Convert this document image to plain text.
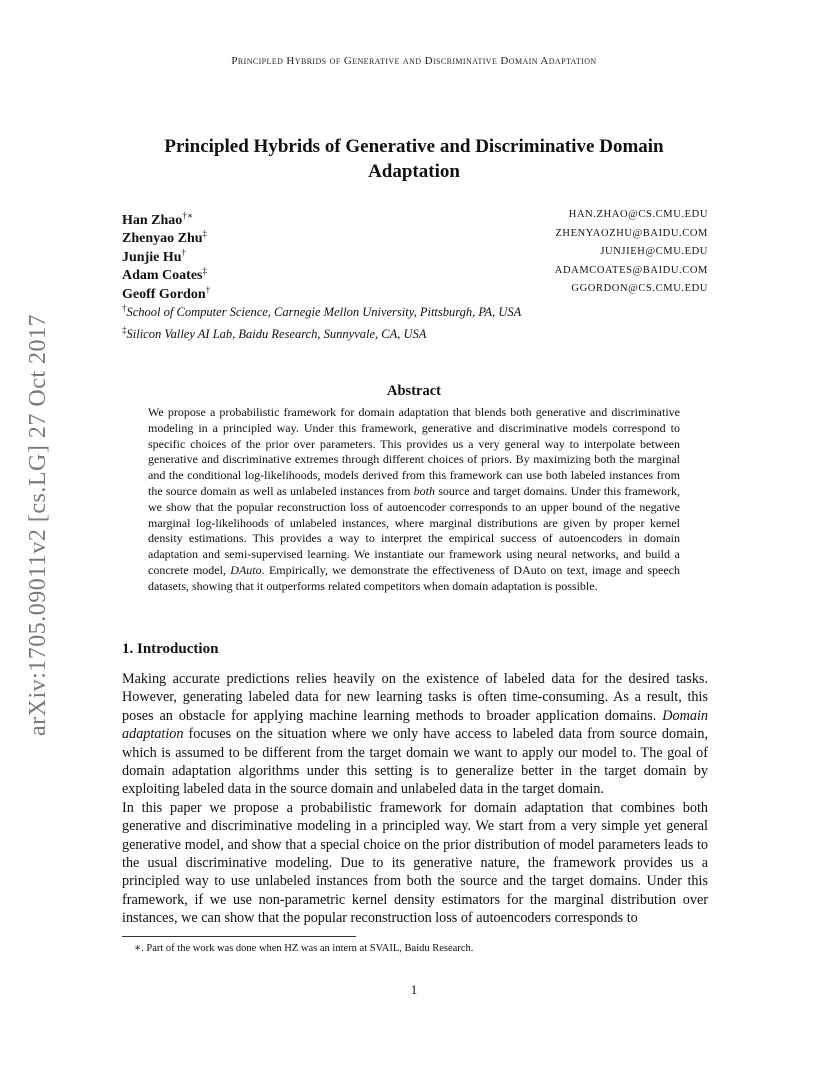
Principled Hybrids of Generative and Discriminative Domain Adaptation
arXiv:1705.09011v2 [cs.LG] 27 Oct 2017
Principled Hybrids of Generative and Discriminative Domain
Adaptation
Han Zhao†∗	HAN.ZHAO@CS.CMU.EDU
Zhenyao Zhu‡	ZHENYAOZHU@BAIDU.COM
Junjie Hu†	JUNJIEH@CMU.EDU
Adam Coates‡	ADAMCOATES@BAIDU.COM
Geoff Gordon†	GGORDON@CS.CMU.EDU
†School of Computer Science, Carnegie Mellon University, Pittsburgh, PA, USA
‡Silicon Valley AI Lab, Baidu Research, Sunnyvale, CA, USA
Abstract
We propose a probabilistic framework for domain adaptation that blends both generative and discriminative modeling in a principled way. Under this framework, generative and discriminative models correspond to specific choices of the prior over parameters. This provides us a very general way to interpolate between generative and discriminative extremes through different choices of priors. By maximizing both the marginal and the conditional log-likelihoods, models derived from this framework can use both labeled instances from the source domain as well as unlabeled instances from both source and target domains. Under this framework, we show that the popular reconstruction loss of autoencoder corresponds to an upper bound of the negative marginal log-likelihoods of unlabeled instances, where marginal distributions are given by proper kernel density estimations. This provides a way to interpret the empirical success of autoencoders in domain adaptation and semi-supervised learning. We instantiate our framework using neural networks, and build a concrete model, DAuto. Empirically, we demonstrate the effectiveness of DAuto on text, image and speech datasets, showing that it outperforms related competitors when domain adaptation is possible.
1. Introduction

Making accurate predictions relies heavily on the existence of labeled data for the desired tasks. However, generating labeled data for new learning tasks is often time-consuming. As a result, this poses an obstacle for applying machine learning methods to broader application domains. Domain adaptation focuses on the situation where we only have access to labeled data from source domain, which is assumed to be different from the target domain we want to apply our model to. The goal of domain adaptation algorithms under this setting is to generalize better in the target domain by exploiting labeled data in the source domain and unlabeled data in the target domain.

In this paper we propose a probabilistic framework for domain adaptation that combines both generative and discriminative modeling in a principled way. We start from a very simple yet general generative model, and show that a special choice on the prior distribution of model parameters leads to the usual discriminative modeling. Due to its generative nature, the framework provides us a principled way to use unlabeled instances from both the source and the target domains. Under this framework, if we use non-parametric kernel density estimators for the marginal distribution over instances, we can show that the popular reconstruction loss of autoencoders corresponds to

∗. Part of the work was done when HZ was an intern at SVAIL, Baidu Research.
1
